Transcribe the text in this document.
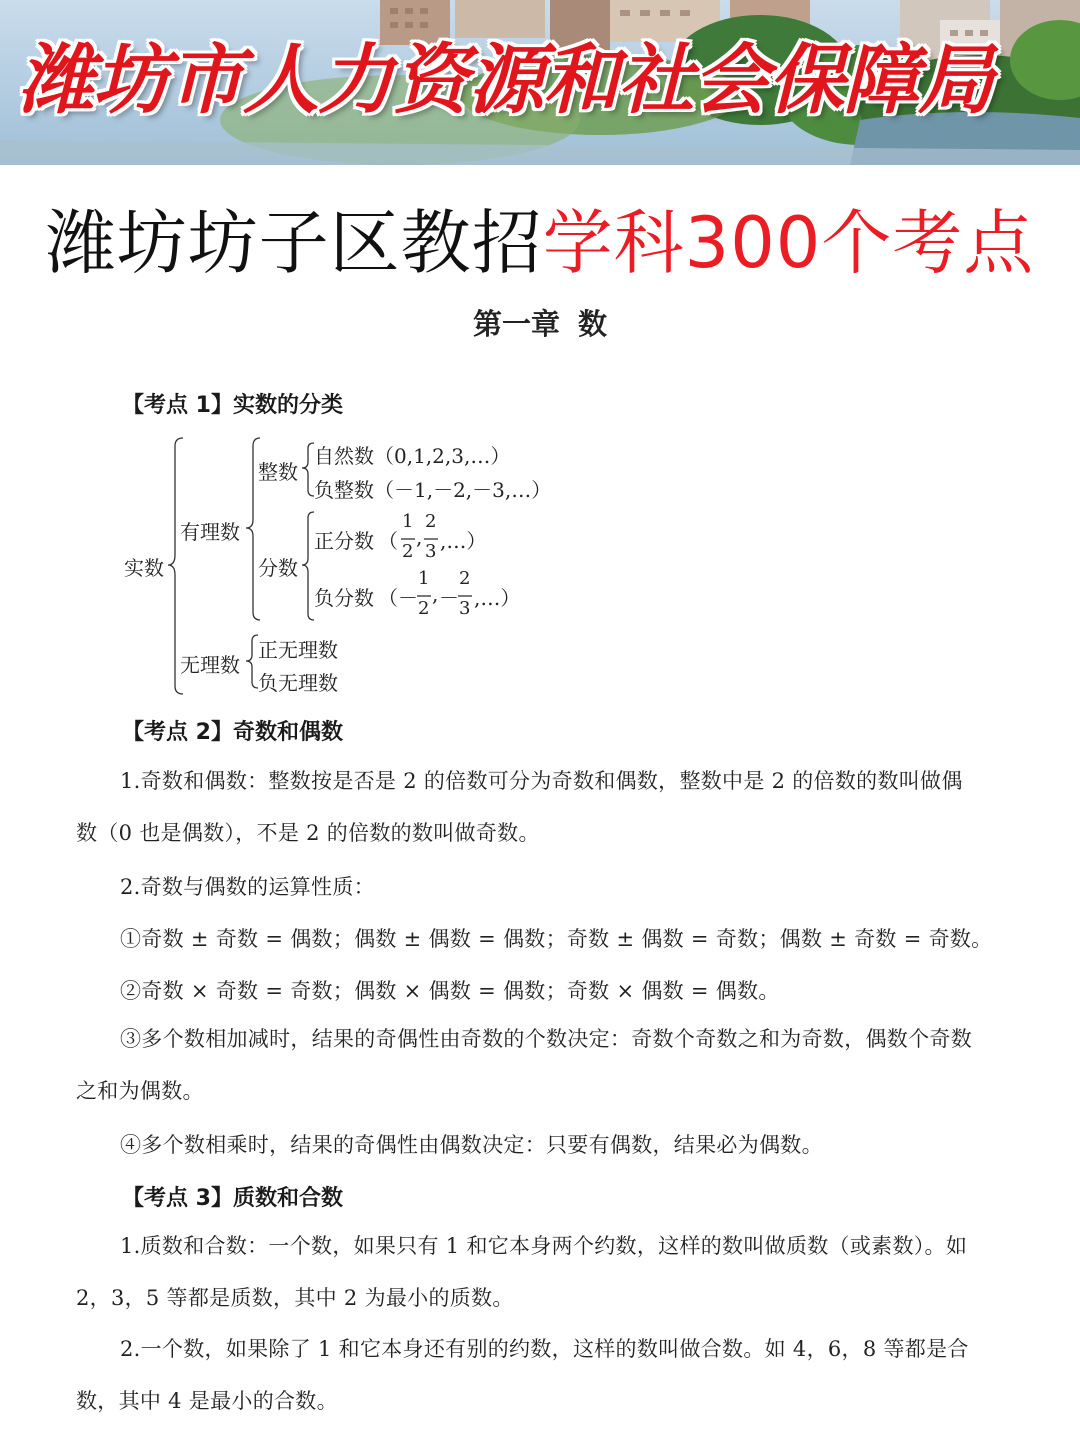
潍坊市人力资源和社会保障局
潍坊坊子区教招学科300个考点
第一章 数
【考点 1】实数的分类
实数
有理数
整数
自然数（0,1,2,3,…）
负整数（－1,－2,－3,…）
分数
正分数 （
1
2
,
2
3 ,…）
负分数 （ －
1
2
, －
2
3 ,…）
无理数
正无理数
负无理数
【考点 2】奇数和偶数
1.奇数和偶数：整数按是否是 2 的倍数可分为奇数和偶数，整数中是 2 的倍数的数叫做偶数（0 也是偶数），不是 2 的倍数的数叫做奇数。
2.奇数与偶数的运算性质：
①奇数 ± 奇数 = 偶数；偶数 ± 偶数 = 偶数；奇数 ± 偶数 = 奇数；偶数 ± 奇数 = 奇数。
②奇数 × 奇数 = 奇数；偶数 × 偶数 = 偶数；奇数 × 偶数 = 偶数。
③多个数相加减时，结果的奇偶性由奇数的个数决定：奇数个奇数之和为奇数，偶数个奇数之和为偶数。
④多个数相乘时，结果的奇偶性由偶数决定：只要有偶数，结果必为偶数。
【考点 3】质数和合数
1.质数和合数：一个数，如果只有 1 和它本身两个约数，这样的数叫做质数（或素数）。如 2，3，5 等都是质数，其中 2 为最小的质数。
2.一个数，如果除了 1 和它本身还有别的约数，这样的数叫做合数。如 4，6，8 等都是合数，其中 4 是最小的合数。
